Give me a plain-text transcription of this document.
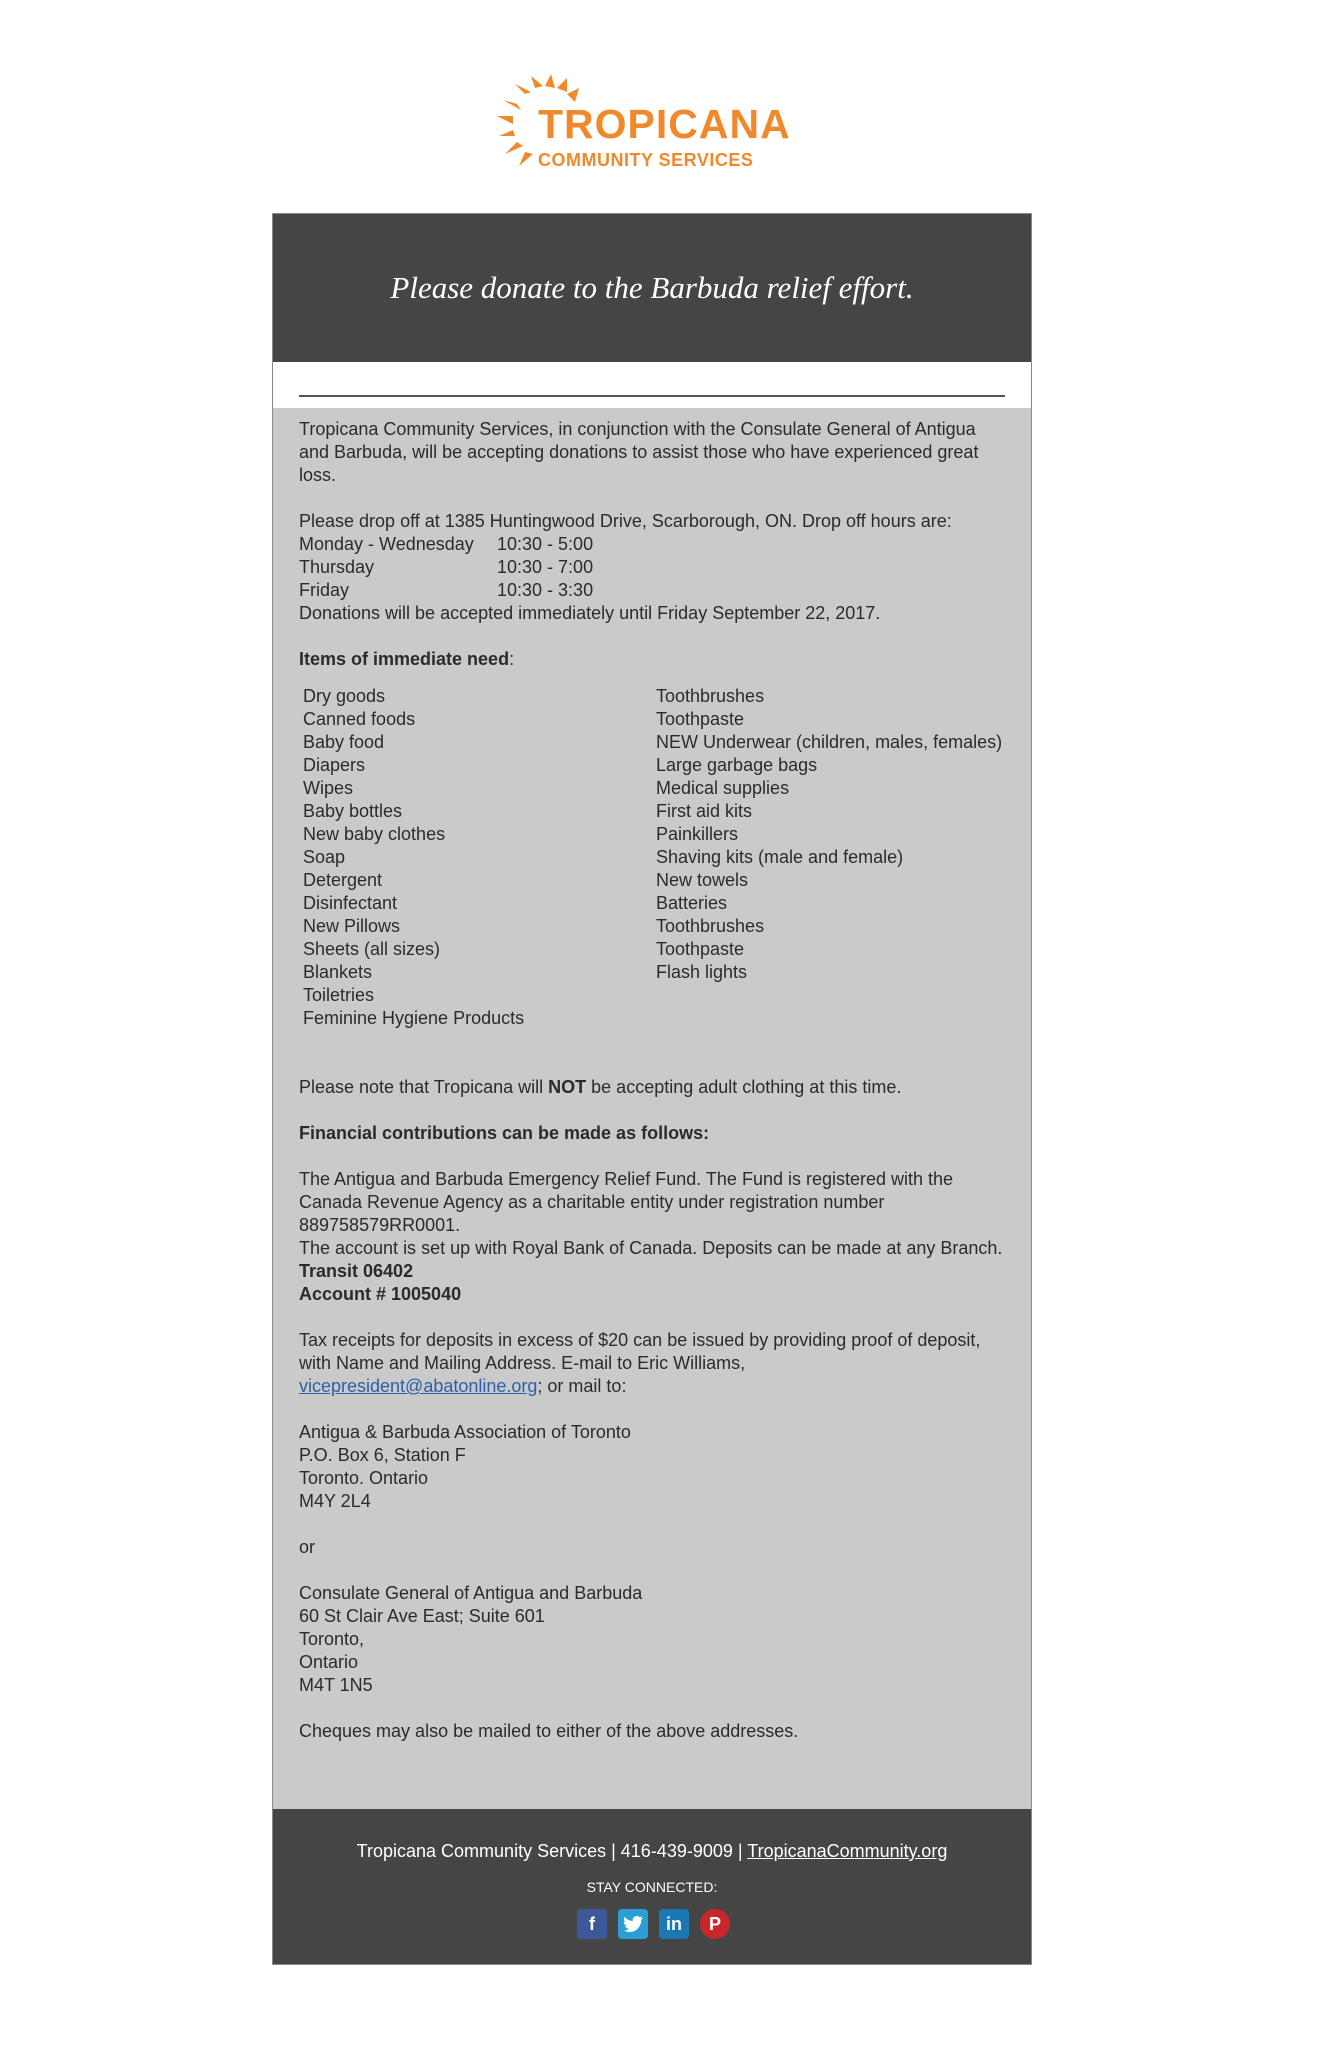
TROPICANA
COMMUNITY SERVICES
Please donate to the Barbuda relief effort.

Tropicana Community Services, in conjunction with the Consulate General of Antigua and Barbuda, will be accepting donations to assist those who have experienced great loss.

Please drop off at 1385 Huntingwood Drive, Scarborough, ON. Drop off hours are:

Monday - Wednesday	10:30 - 5:00
Thursday	10:30 - 7:00
Friday	10:30 - 3:30

Donations will be accepted immediately until Friday September 22, 2017.

Items of immediate need:

Dry goods
Canned foods
Baby food
Diapers
Wipes
Baby bottles
New baby clothes
Soap
Detergent
Disinfectant
New Pillows
Sheets (all sizes)
Blankets
Toiletries
Feminine Hygiene Products
Toothbrushes
Toothpaste
NEW Underwear (children, males, females)
Large garbage bags
Medical supplies
First aid kits
Painkillers
Shaving kits (male and female)
New towels
Batteries
Toothbrushes
Toothpaste
Flash lights

Please note that Tropicana will NOT be accepting adult clothing at this time.

Financial contributions can be made as follows:

The Antigua and Barbuda Emergency Relief Fund. The Fund is registered with the Canada Revenue Agency as a charitable entity under registration number 889758579RR0001.

The account is set up with Royal Bank of Canada. Deposits can be made at any Branch.

Transit 06402

Account # 1005040

Tax receipts for deposits in excess of $20 can be issued by providing proof of deposit, with Name and Mailing Address. E-mail to Eric Williams,
vicepresident@abatonline.org; or mail to:

Antigua & Barbuda Association of Toronto
P.O. Box 6, Station F
Toronto. Ontario
M4Y 2L4

or

Consulate General of Antigua and Barbuda
60 St Clair Ave East; Suite 601
Toronto,
Ontario
M4T 1N5

Cheques may also be mailed to either of the above addresses.

Tropicana Community Services | 416-439-9009 | TropicanaCommunity.org
STAY CONNECTED:
f	in	P
